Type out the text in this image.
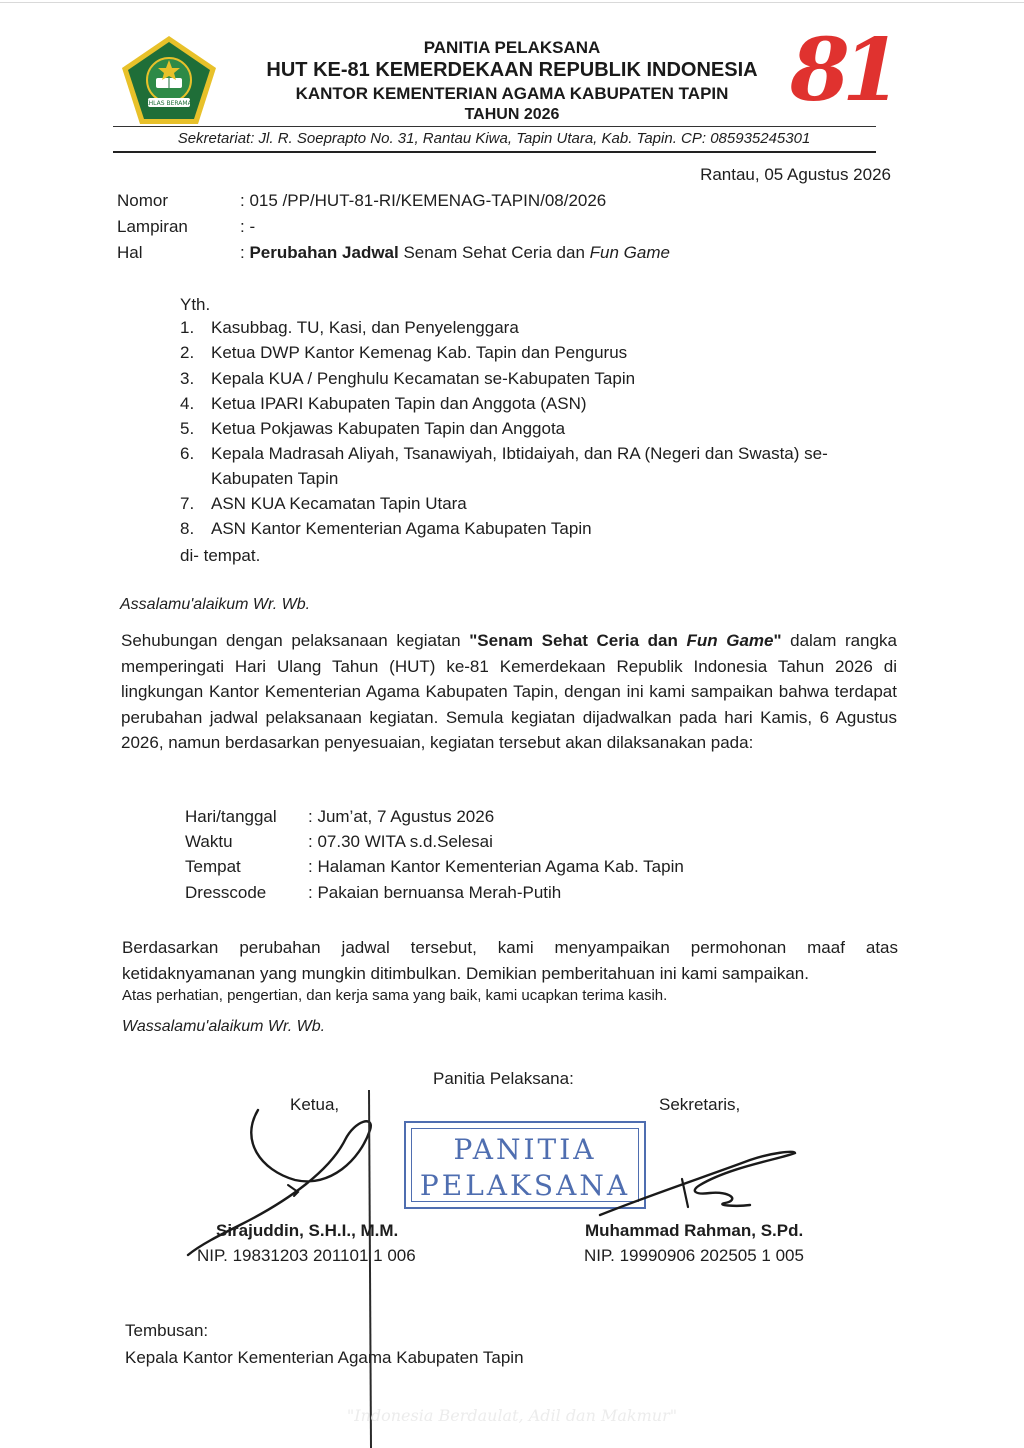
IKHLAS BERAMAL
PANITIA PELAKSANA
HUT KE-81 KEMERDEKAAN REPUBLIK INDONESIA
KANTOR KEMENTERIAN AGAMA KABUPATEN TAPIN
TAHUN 2026	81
Sekretariat: Jl. R. Soeprapto No. 31, Rantau Kiwa, Tapin Utara, Kab. Tapin. CP: 085935245301
Rantau, 05 Agustus 2026
Nomor	: 015 /PP/HUT-81-RI/KEMENAG-TAPIN/08/2026
Lampiran	: -
Hal	: Perubahan Jadwal Senam Sehat Ceria dan Fun Game
Yth.
1. Kasubbag. TU, Kasi, dan Penyelenggara
2. Ketua DWP Kantor Kemenag Kab. Tapin dan Pengurus
3. Kepala KUA / Penghulu Kecamatan se-Kabupaten Tapin
4. Ketua IPARI Kabupaten Tapin dan Anggota (ASN)
5. Ketua Pokjawas Kabupaten Tapin dan Anggota
6. Kepala Madrasah Aliyah, Tsanawiyah, Ibtidaiyah, dan RA (Negeri dan Swasta) se-
Kabupaten Tapin
7. ASN KUA Kecamatan Tapin Utara
8. ASN Kantor Kementerian Agama Kabupaten Tapin
di- tempat.
Assalamu'alaikum Wr. Wb.
Sehubungan dengan pelaksanaan kegiatan "Senam Sehat Ceria dan Fun Game" dalam rangka memperingati Hari Ulang Tahun (HUT) ke-81 Kemerdekaan Republik Indonesia Tahun 2026 di lingkungan Kantor Kementerian Agama Kabupaten Tapin, dengan ini kami sampaikan bahwa terdapat perubahan jadwal pelaksanaan kegiatan. Semula kegiatan dijadwalkan pada hari Kamis, 6 Agustus 2026, namun berdasarkan penyesuaian, kegiatan tersebut akan dilaksanakan pada:
Hari/tanggal : Jum’at, 7 Agustus 2026
Waktu	: 07.30 WITA s.d.Selesai
Tempat	: Halaman Kantor Kementerian Agama Kab. Tapin
Dresscode : Pakaian bernuansa Merah-Putih
Berdasarkan perubahan jadwal tersebut, kami menyampaikan permohonan maaf atas ketidaknyamanan yang mungkin ditimbulkan. Demikian pemberitahuan ini kami sampaikan.
Atas perhatian, pengertian, dan kerja sama yang baik, kami ucapkan terima kasih.
Wassalamu'alaikum Wr. Wb.
Panitia Pelaksana:
Ketua,	Sekretaris,
PANITIA
PELAKSANA
Sirajuddin, S.H.I., M.M.
NIP. 19831203 201101 1 006
Muhammad Rahman, S.Pd.
NIP. 19990906 202505 1 005
Tembusan:
Kepala Kantor Kementerian Agama Kabupaten Tapin
"Indonesia Berdaulat, Adil dan Makmur"
